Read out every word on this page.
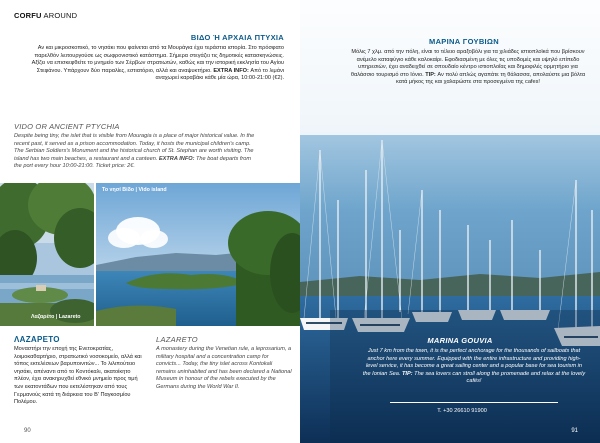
CORFU AROUND
ΒΙΔΟ Ή ΑΡΧΑΙΑ ΠΤΥΧΙΑ
Αν και μικροσκοπικό, το νησάκι που φαίνεται από τα Μουράγια έχει τεράστια ιστορία. Στο πρόσφατο παρελθόν λειτουργούσε ως σωφρονιστικό κατάστημα. Σήμερα στεγάζει τις δημοτικές κατασκηνώσεις. Αξίζει να επισκεφθείτε το μνημείο των Σέρβων στρατιωτών, καθώς και την ιστορική εκκλησία του Αγίου Στεφάνου. Υπάρχουν δύο παραλίες, εστιατόριο, αλλά και αναψυκτήριο. EXTRA INFO: Από το λιμάνι αναχωρεί καραβάκι κάθε μία ώρα, 10:00-21:00 (€2).
VIDO OR ANCIENT PTYCHIA
Despite being tiny, the islet that is visible from Mouragia is a place of major historical value. In the recent past, it served as a prison accommodation. Today, it hosts the municipal children's camp. The Serbian Soldiers's Monument and the historical church of St. Stephan are worth visiting. The island has two main beaches, a restaurant and a canteen. EXTRA INFO: The boat departs from the port every hour 10:00-21:00. Ticket price: 2€.
Λαζαρέτο | Lazareto
Το νησί Βίδο | Vido island
ΛΑΖΑΡΕΤΟ
Μοναστήρι την εποχή της Ενετοκρατίας, λοιμοκαθαρτήριο, στρατιωτικό νοσοκομείο, αλλά και τόπος εκτελέσεων βαρυποινιτών... Το λιλιπούτειο νησάκι, απέναντι από το Κοντόκαλι, ακατοίκητο πλέον, έχει ανακηρυχθεί εθνικό μνημείο προς τιμή των εκατοντάδων που εκτελέστηκαν από τους Γερμανούς κατά τη διάρκεια του Β' Παγκοσμίου Πολέμου.
LAZARETO
A monastery during the Venetian rule, a leprosarium, a military hospital and a concentration camp for convicts... Today, the tiny islet across Kontokali remains uninhabited and has been declared a National Museum in honour of the rebels executed by the Germans during the World War II.
90
ΜΑΡΙΝΑ ΓΟΥΒΙΩΝ
Μόλις 7 χλμ. από την πόλη, είναι το τέλειο αραξοβόλι για τα χιλιάδες ιστιοπλοϊκά που βρίσκουν ανέμελο καταφύγιο κάθε καλοκαίρι. Εφοδιασμένη με όλες τις υποδομές και υψηλό επίπεδο υπηρεσιών, έχει αναδειχθεί σε σπουδαίο κέντρο ιστιοπλοΐας και δημοφιλές ορμητήριο για θαλάσσιο τουρισμό στο Ιόνιο. TIP: Αν πολύ απλώς αγαπάτε τη θάλασσα, απολαύστε μια βόλτα κατά μήκος της και χαλαρώστε στα προσεγμένα της cafes!
MARINA GOUVIA
Just 7 km from the town, it is the perfect anchorage for the thousands of sailboats that anchor here every summer. Equipped with the entire infrastructure and providing high-level service, it has become a great sailing center and a popular base for sea tourism in the Ionian Sea. TIP: The sea lovers can stroll along the promenade and relax at the lovely cafés!
T. +30 26610 91900
91
